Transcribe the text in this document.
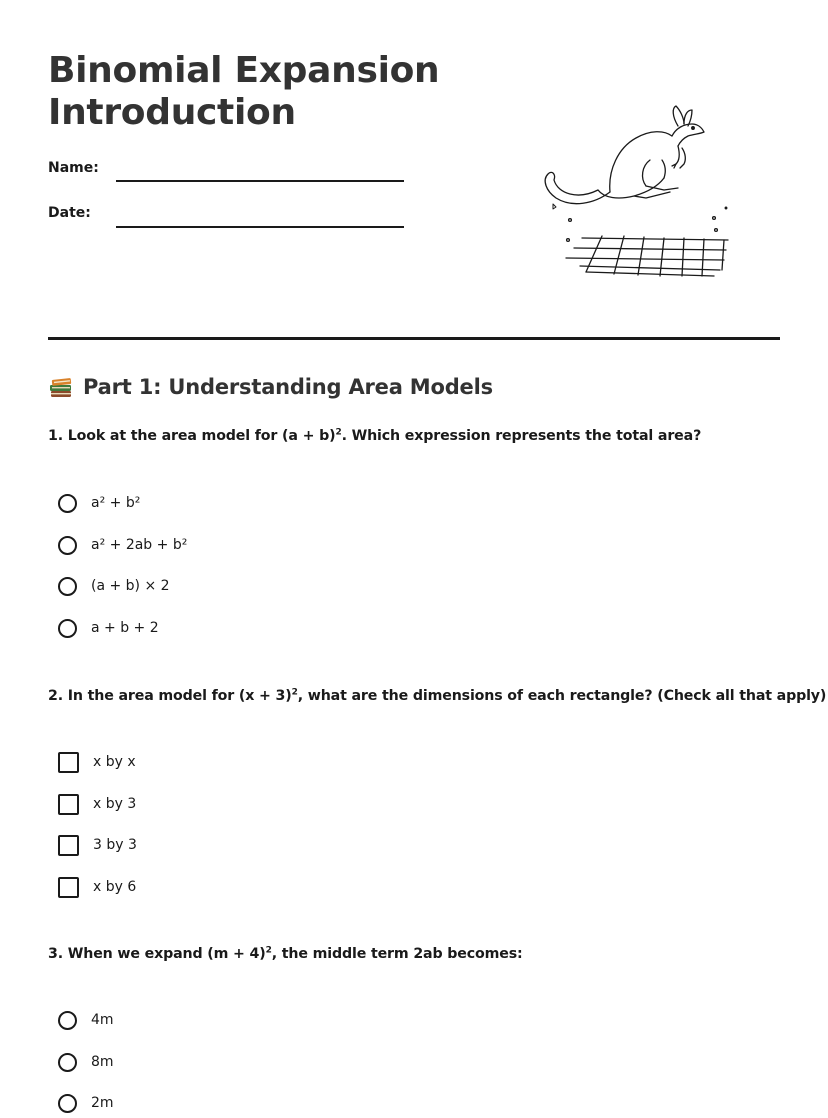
Binomial Expansion
Introduction
Name:
Date:
Part 1: Understanding Area Models
1. Look at the area model for $(a + b)^2$. Which expression represents the total area?
a² + b²
a² + 2ab + b²
(a + b) × 2
a + b + 2
2. In the area model for $(x + 3)^2$, what are the dimensions of each rectangle? (Check all that apply)
x by x
x by 3
3 by 3
x by 6
3. When we expand $(m + 4)^2$, the middle term 2ab becomes:
4m
8m
2m
